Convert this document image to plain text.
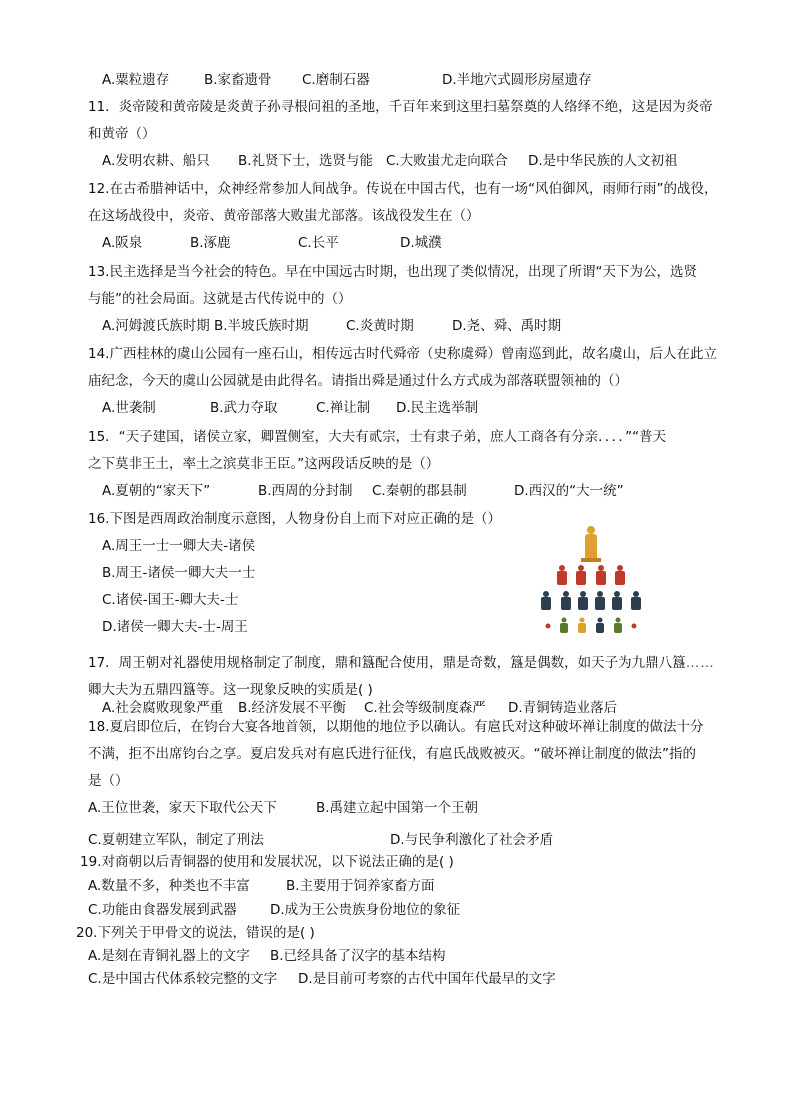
A.粟粒遗存	B.家畜遗骨 C.磨制石器	D.半地穴式圆形房屋遗存
11．炎帝陵和黄帝陵是炎黄子孙寻根问祖的圣地，千百年来到这里扫墓祭奠的人络绎不绝，这是因为炎帝
和黄帝（）
A.发明农耕、船只 B.礼贤下士，选贤与能 C.大败蚩尤走向联合 D.是中华民族的人文初祖
12.在古希腊神话中，众神经常参加人间战争。传说在中国古代，也有一场“风伯御风，雨师行雨”的战役，
在这场战役中，炎帝、黄帝部落大败蚩尤部落。该战役发生在（）
A.阪泉	B.涿鹿	C.长平	D.城濮
13.民主选择是当今社会的特色。早在中国远古时期，也出现了类似情况，出现了所谓“天下为公，选贤
与能”的社会局面。这就是古代传说中的（）
A.河姆渡氏族时期 B.半坡氏族时期	C.炎黄时期	D.尧、舜、禹时期
14.广西桂林的虞山公园有一座石山，相传远古时代舜帝（史称虞舜）曾南巡到此，故名虞山，后人在此立
庙纪念，今天的虞山公园就是由此得名。请指出舜是通过什么方式成为部落联盟领袖的（）
A.世袭制	B.武力夺取	C.禅让制 D.民主选举制
15．“天子建国，诸侯立家，卿置侧室，大夫有贰宗，士有隶子弟，庶人工商各有分亲．．．．”“普天
之下莫非王土，率土之滨莫非王臣。”这两段话反映的是（）
A.夏朝的“家天下”	B.西周的分封制 C.秦朝的郡县制	D.西汉的“大一统”
16.下图是西周政治制度示意图，人物身份自上而下对应正确的是（）
A.周王一士一卿大夫-诸侯
B.周王-诸侯一卿大夫一士
C.诸侯-国王-卿大夫-士
D.诸侯一卿大夫-士-周王
17．周王朝对礼器使用规格制定了制度，鼎和簋配合使用，鼎是奇数，簋是偶数，如天子为九鼎八簋……
卿大夫为五鼎四簋等。这一现象反映的实质是( )
A.社会腐败现象严重 B.经济发展不平衡 C.社会等级制度森严 D.青铜铸造业落后
18.夏启即位后，在钧台大宴各地首领，以期他的地位予以确认。有扈氏对这种破坏禅让制度的做法十分
不满，拒不出席钧台之享。夏启发兵对有扈氏进行征伐，有扈氏战败被灭。“破坏禅让制度的做法”指的
是（）
A.王位世袭，家天下取代公天下	B.禹建立起中国第一个王朝
C.夏朝建立军队，制定了刑法	D.与民争利激化了社会矛盾
19.对商朝以后青铜器的使用和发展状况，以下说法正确的是( )
A.数量不多，种类也不丰富	B.主要用于饲养家畜方面
C.功能由食器发展到武器 D.成为王公贵族身份地位的象征
20.下列关于甲骨文的说法，错误的是( )
A.是刻在青铜礼器上的文字 B.已经具备了汉字的基本结构
C.是中国古代体系较完整的文字 D.是目前可考察的古代中国年代最早的文字
